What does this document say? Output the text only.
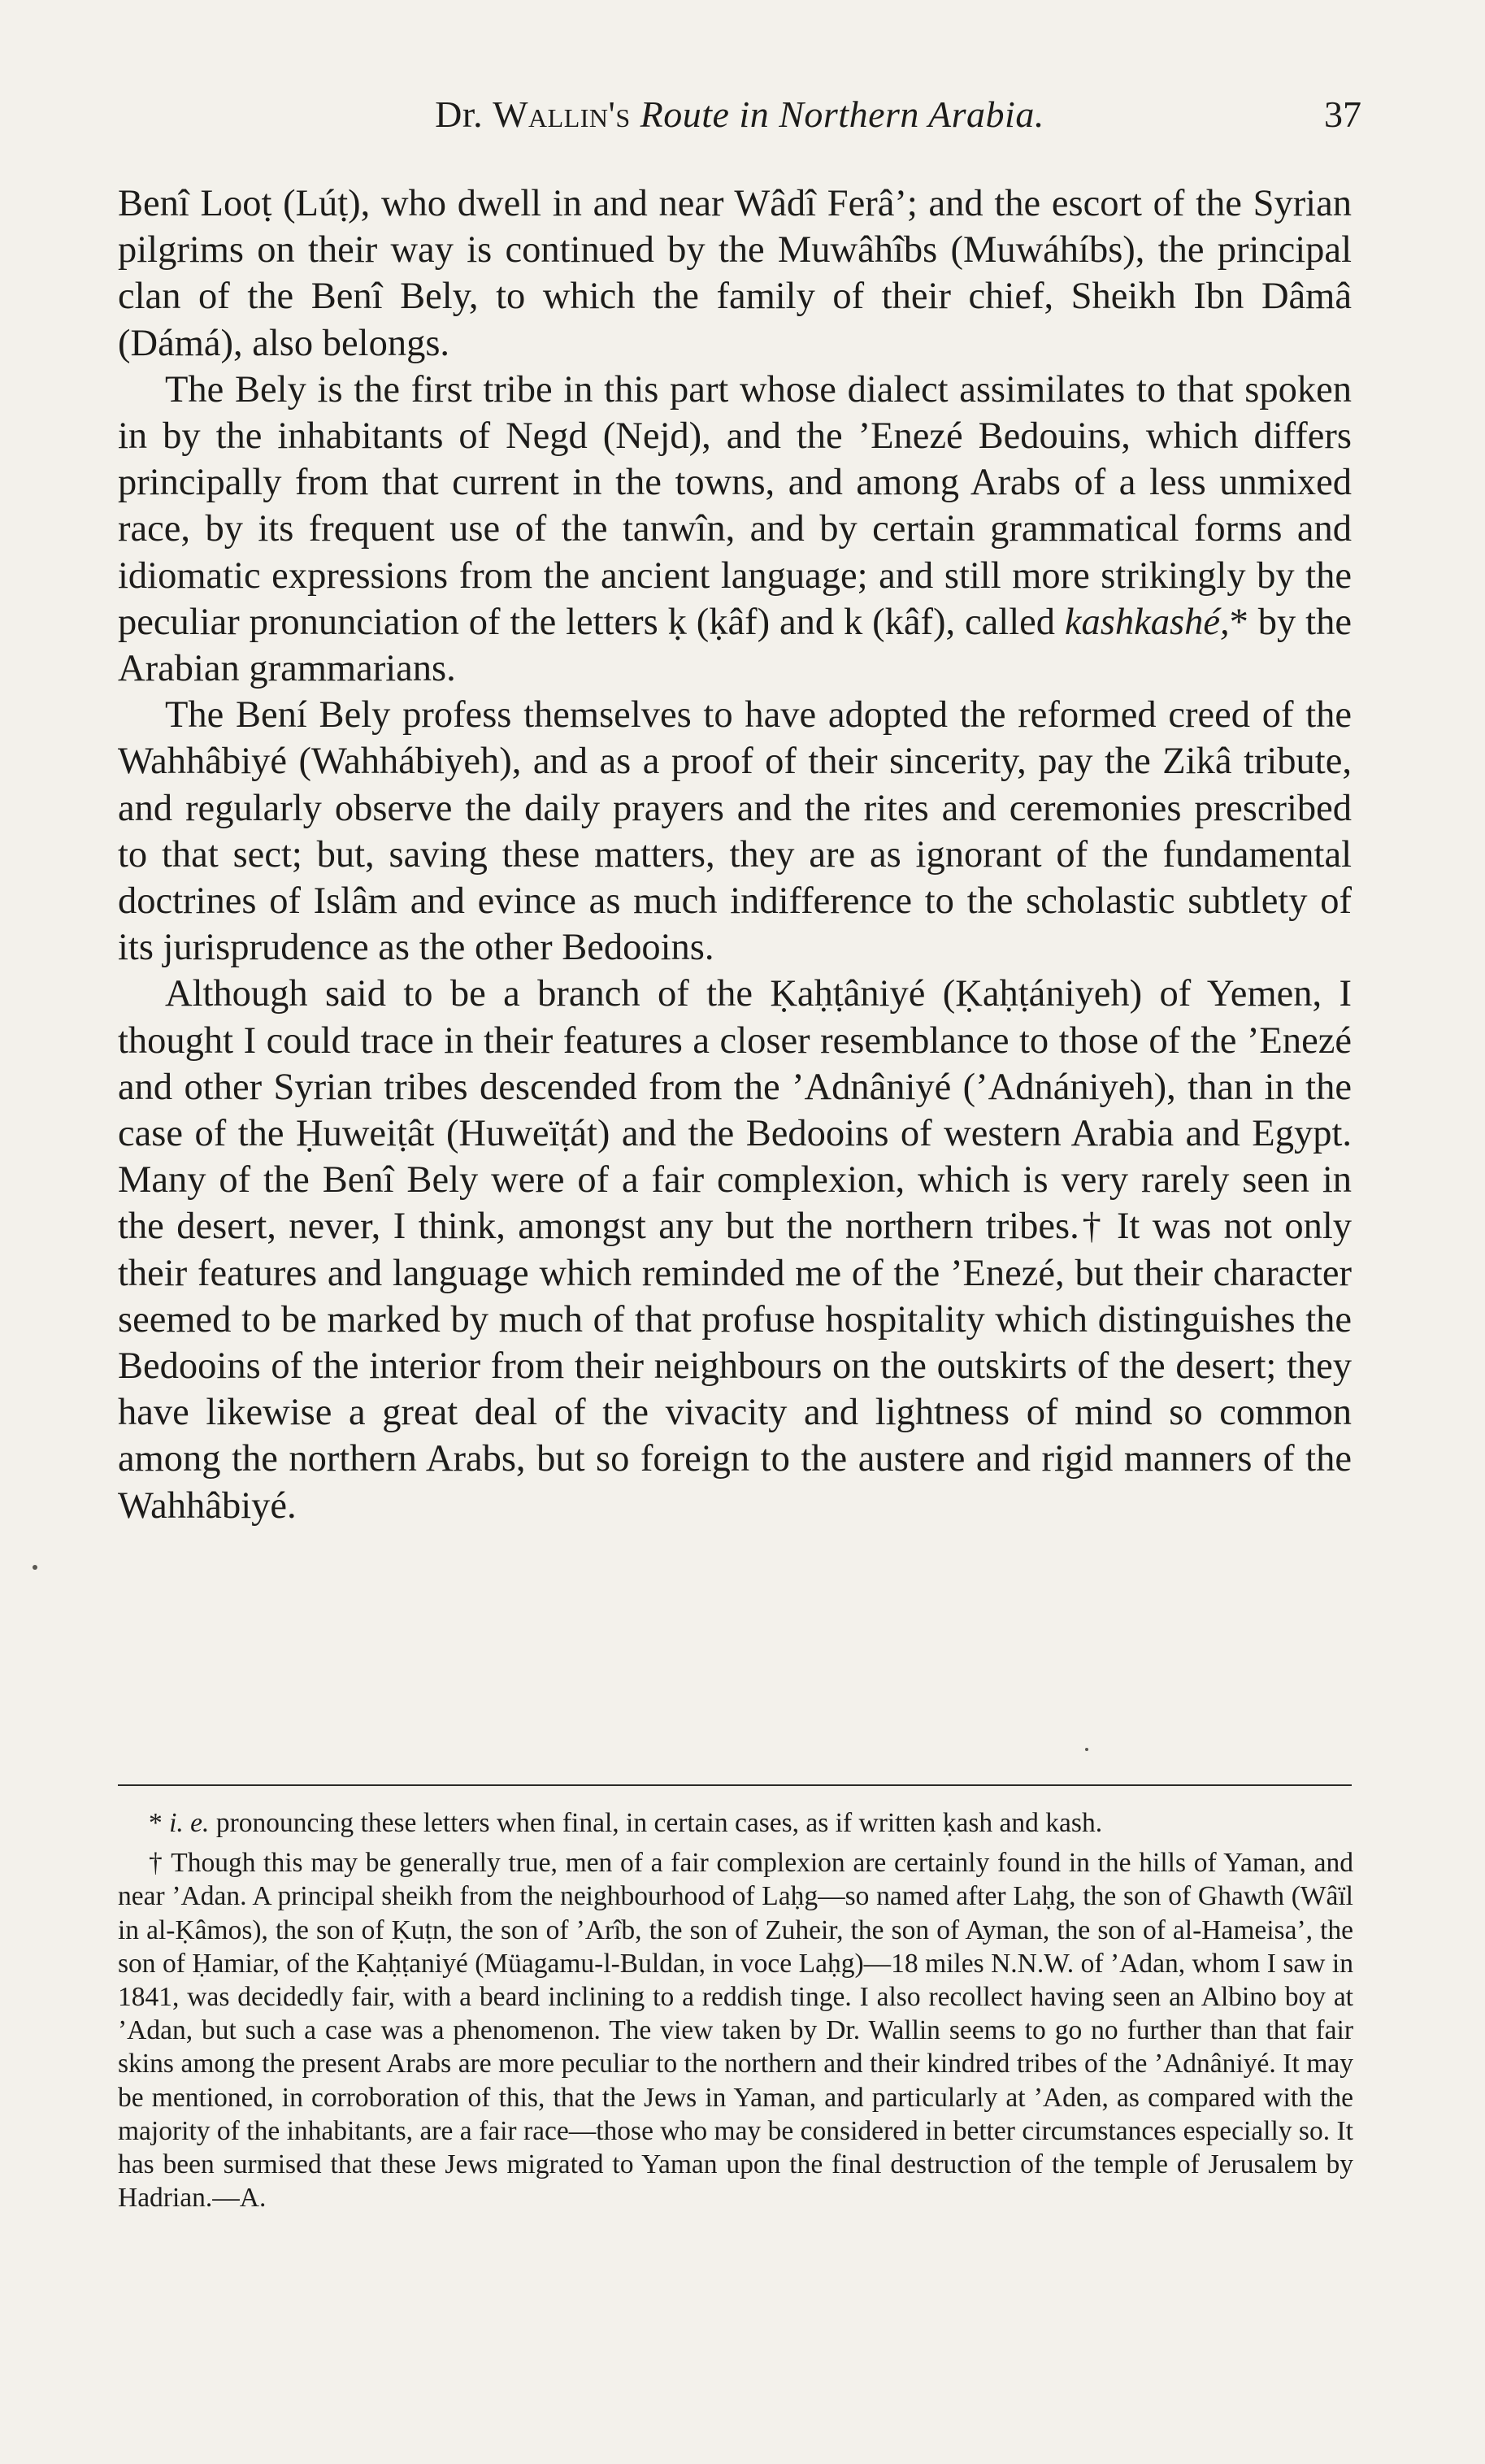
Dr. Wallin's Route in Northern Arabia.	37

Benî Looṭ (Lúṭ), who dwell in and near Wâdî Ferâ’; and the escort of the Syrian pilgrims on their way is continued by the Muwâhîbs (Muwáhíbs), the principal clan of the Benî Bely, to which the family of their chief, Sheikh Ibn Dâmâ (Dámá), also belongs.

The Bely is the first tribe in this part whose dialect assimilates to that spoken in by the inhabitants of Negd (Nejd), and the ’Enezé Bedouins, which differs principally from that current in the towns, and among Arabs of a less unmixed race, by its frequent use of the tanwîn, and by certain grammatical forms and idiomatic expressions from the ancient language; and still more strikingly by the peculiar pronunciation of the letters ḳ (ḳâf) and k (kâf), called kashkashé,* by the Arabian grammarians.

The Bení Bely profess themselves to have adopted the reformed creed of the Wahhâbiyé (Wahhábiyeh), and as a proof of their sincerity, pay the Zikâ tribute, and regularly observe the daily prayers and the rites and ceremonies prescribed to that sect; but, saving these matters, they are as ignorant of the fundamental doctrines of Islâm and evince as much indifference to the scholastic subtlety of its jurisprudence as the other Bedooins.

Although said to be a branch of the Ḳaḥṭâniyé (Ḳaḥṭániyeh) of Yemen, I thought I could trace in their features a closer resemblance to those of the ’Enezé and other Syrian tribes descended from the ’Adnâniyé (’Adnániyeh), than in the case of the Ḥuweiṭât (Huweïṭát) and the Bedooins of western Arabia and Egypt. Many of the Benî Bely were of a fair complexion, which is very rarely seen in the desert, never, I think, amongst any but the northern tribes.† It was not only their features and language which reminded me of the ’Enezé, but their character seemed to be marked by much of that profuse hospitality which distinguishes the Bedooins of the interior from their neighbours on the outskirts of the desert; they have likewise a great deal of the vivacity and lightness of mind so common among the northern Arabs, but so foreign to the austere and rigid manners of the Wahhâbiyé.

* i. e. pronouncing these letters when final, in certain cases, as if written ḳash and kash.

† Though this may be generally true, men of a fair complexion are certainly found in the hills of Yaman, and near ’Adan. A principal sheikh from the neighbourhood of Laḥg—so named after Laḥg, the son of Ghawth (Wâïl in al-Ḳâmos), the son of Ḳuṭn, the son of ’Arîb, the son of Zuheir, the son of Ayman, the son of al-Hameisa’, the son of Ḥamiar, of the Ḳaḥṭaniyé (Müagamu-l-Buldan, in voce Laḥg)—18 miles N.N.W. of ’Adan, whom I saw in 1841, was decidedly fair, with a beard inclining to a reddish tinge. I also recollect having seen an Albino boy at ’Adan, but such a case was a phenomenon. The view taken by Dr. Wallin seems to go no further than that fair skins among the present Arabs are more peculiar to the northern and their kindred tribes of the ’Adnâniyé. It may be mentioned, in corroboration of this, that the Jews in Yaman, and particularly at ’Aden, as compared with the majority of the inhabitants, are a fair race—those who may be considered in better circumstances especially so. It has been surmised that these Jews migrated to Yaman upon the final destruction of the temple of Jerusalem by Hadrian.—A.
